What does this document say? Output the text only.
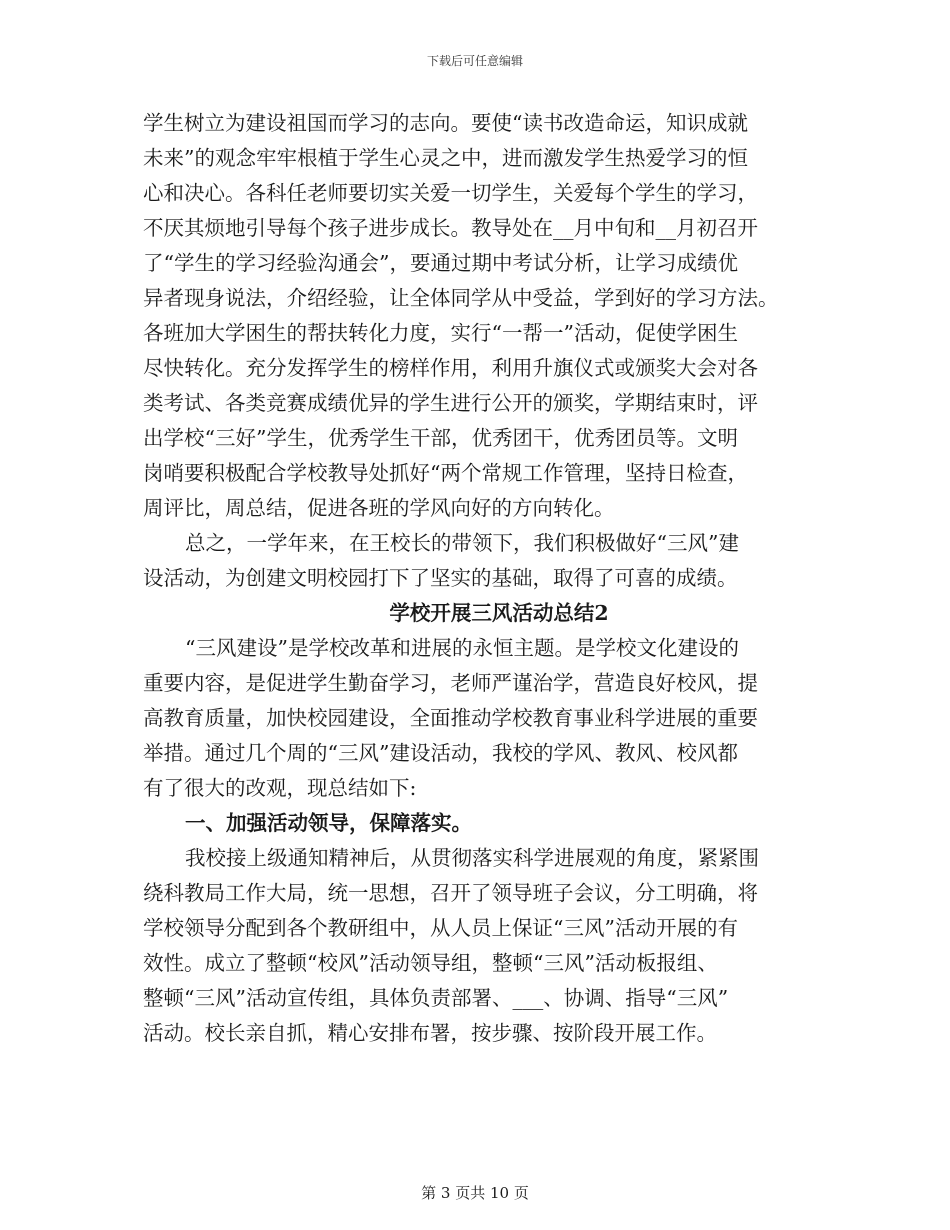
下载后可任意编辑
学生树立为建设祖国而学习的志向。要使“读书改造命运，知识成就
未来”的观念牢牢根植于学生心灵之中，进而激发学生热爱学习的恒
心和决心。各科任老师要切实关爱一切学生，关爱每个学生的学习，
不厌其烦地引导每个孩子进步成长。教导处在__月中旬和__月初召开
了“学生的学习经验沟通会”，要通过期中考试分析，让学习成绩优
异者现身说法，介绍经验，让全体同学从中受益，学到好的学习方法。
各班加大学困生的帮扶转化力度，实行“一帮一”活动，促使学困生
尽快转化。充分发挥学生的榜样作用，利用升旗仪式或颁奖大会对各
类考试、各类竞赛成绩优异的学生进行公开的颁奖，学期结束时，评
出学校“三好”学生，优秀学生干部，优秀团干，优秀团员等。文明
岗哨要积极配合学校教导处抓好“两个常规工作管理，坚持日检查，
周评比，周总结，促进各班的学风向好的方向转化。
总之，一学年来，在王校长的带领下，我们积极做好“三风”建
设活动，为创建文明校园打下了坚实的基础，取得了可喜的成绩。
学校开展三风活动总结2
“三风建设”是学校改革和进展的永恒主题。是学校文化建设的
重要内容，是促进学生勤奋学习，老师严谨治学，营造良好校风，提
高教育质量，加快校园建设，全面推动学校教育事业科学进展的重要
举措。通过几个周的“三风”建设活动，我校的学风、教风、校风都
有了很大的改观，现总结如下:
一、加强活动领导，保障落实。
我校接上级通知精神后，从贯彻落实科学进展观的角度，紧紧围
绕科教局工作大局，统一思想，召开了领导班子会议，分工明确，将
学校领导分配到各个教研组中，从人员上保证“三风”活动开展的有
效性。成立了整顿“校风”活动领导组，整顿“三风”活动板报组、
整顿“三风”活动宣传组，具体负责部署、___、协调、指导“三风”
活动。校长亲自抓，精心安排布署，按步骤、按阶段开展工作。
第 3 页共 10 页
